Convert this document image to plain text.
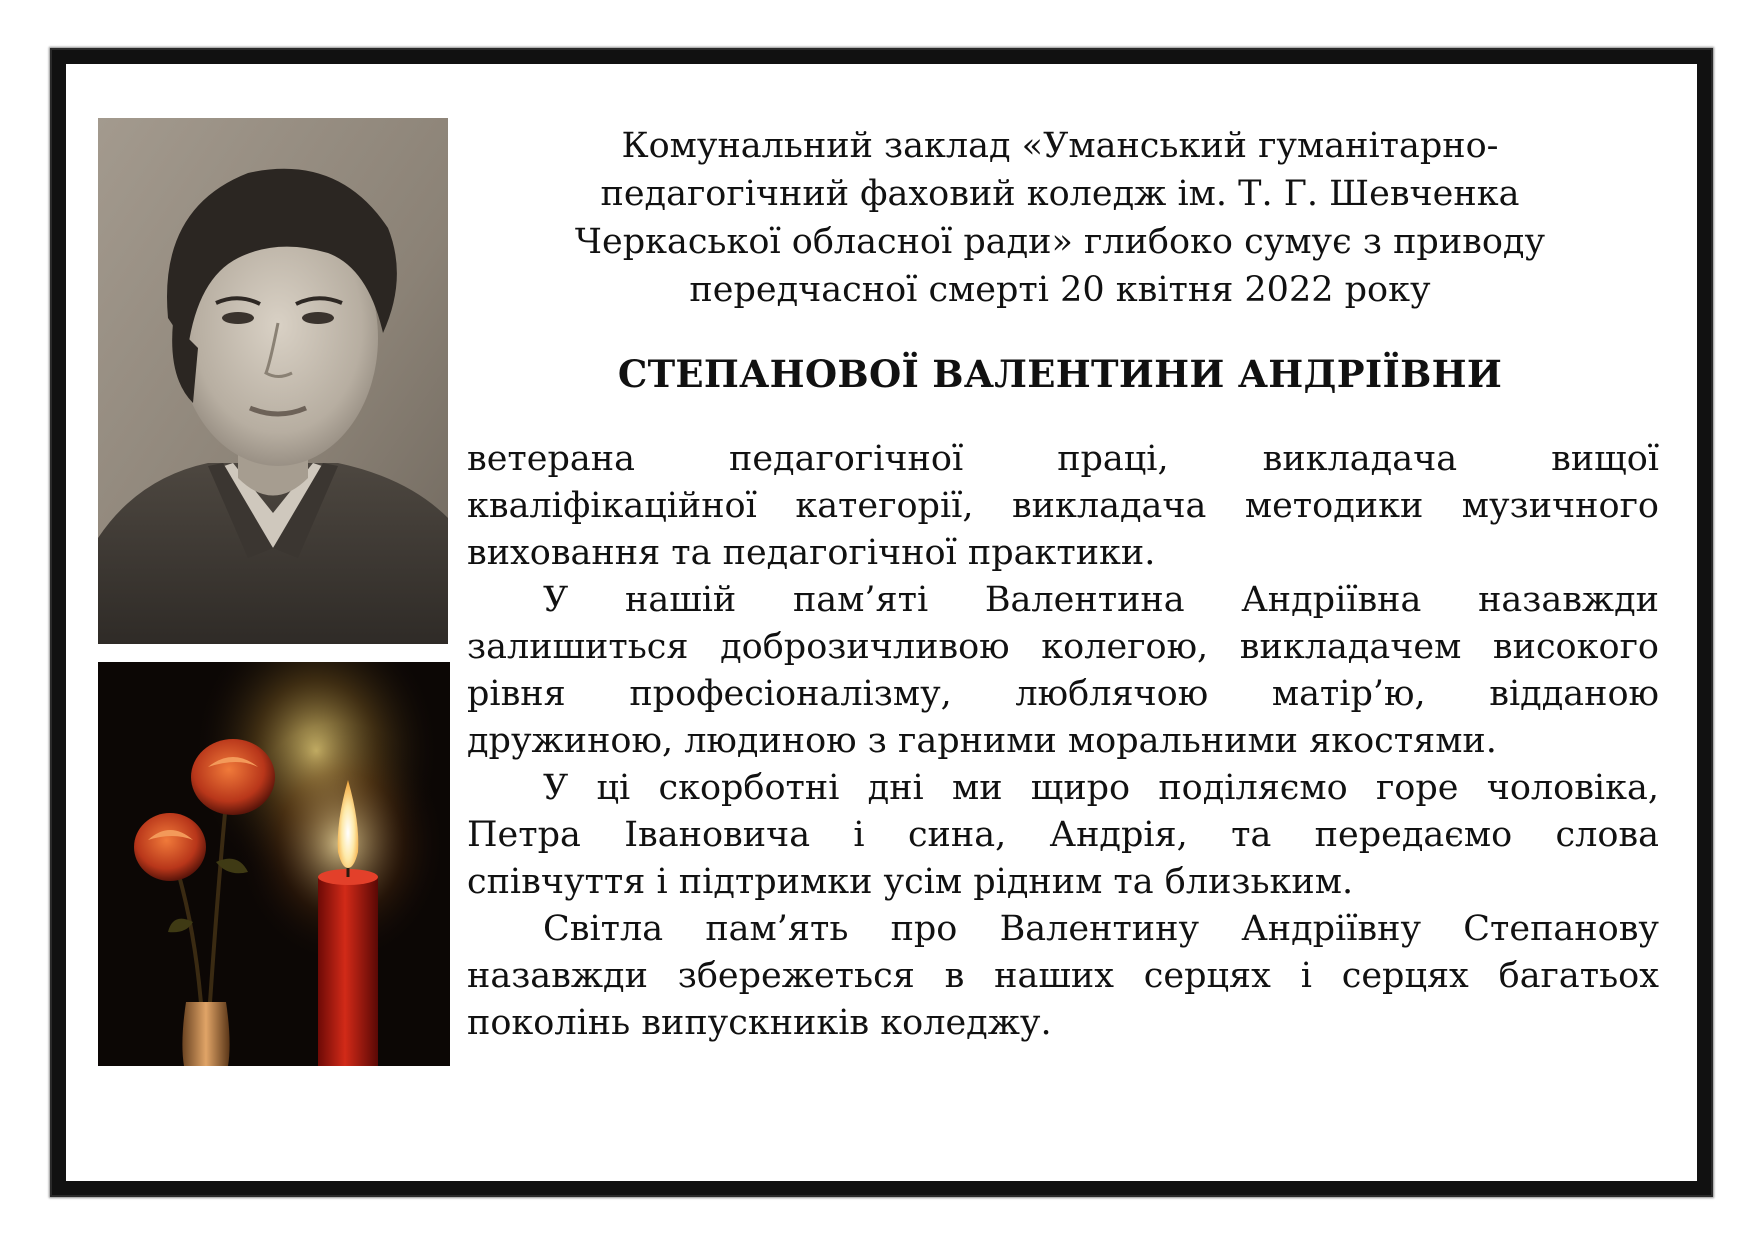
Комунальний заклад «Уманський гуманітарно-
педагогічний фаховий коледж ім. Т. Г. Шевченка
Черкаської обласної ради» глибоко сумує з приводу
передчасної смерті 20 квітня 2022 року
СТЕПАНОВОЇ ВАЛЕНТИНИ АНДРІЇВНИ
ветерана педагогічної праці, викладача вищої
кваліфікаційної категорії, викладача методики музичного
виховання та педагогічної практики.
У нашій пам’яті Валентина Андріївна назавжди
залишиться доброзичливою колегою, викладачем високого
рівня професіоналізму, люблячою матір’ю, відданою
дружиною, людиною з гарними моральними якостями.
У ці скорботні дні ми щиро поділяємо горе чоловіка,
Петра Івановича і сина, Андрія, та передаємо слова
співчуття і підтримки усім рідним та близьким.
Світла пам’ять про Валентину Андріївну Степанову
назавжди збережеться в наших серцях і серцях багатьох
поколінь випускників коледжу.
